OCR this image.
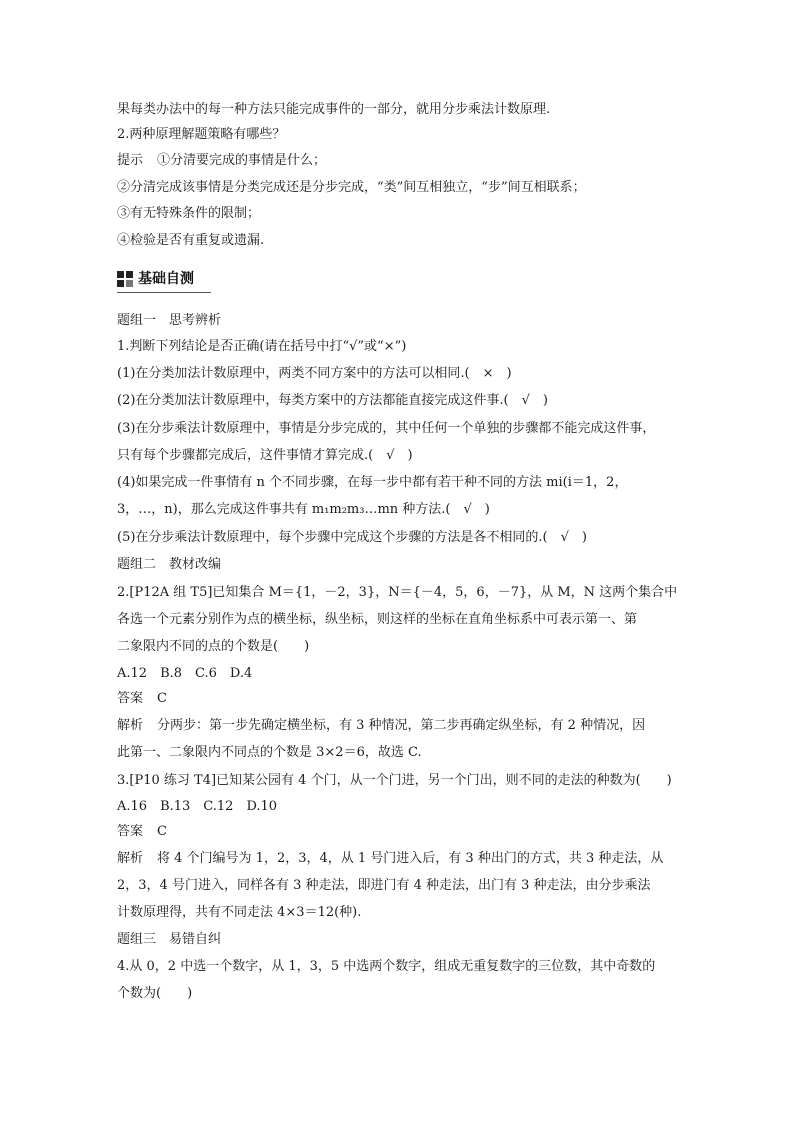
果每类办法中的每一种方法只能完成事件的一部分，就用分步乘法计数原理.
2.两种原理解题策略有哪些？
提示 ①分清要完成的事情是什么；
②分清完成该事情是分类完成还是分步完成，“类”间互相独立，“步”间互相联系；
③有无特殊条件的限制；
④检验是否有重复或遗漏.
基础自测
题组一　思考辨析
1.判断下列结论是否正确(请在括号中打“√”或“×”)
(1)在分类加法计数原理中，两类不同方案中的方法可以相同.(　×　)
(2)在分类加法计数原理中，每类方案中的方法都能直接完成这件事.(　√　)
(3)在分步乘法计数原理中，事情是分步完成的，其中任何一个单独的步骤都不能完成这件事，
只有每个步骤都完成后，这件事情才算完成.(　√　)
(4)如果完成一件事情有 n 个不同步骤，在每一步中都有若干种不同的方法 mi(i＝1，2，
3，…，n)，那么完成这件事共有 m₁m₂m₃…mn 种方法.(　√　)
(5)在分步乘法计数原理中，每个步骤中完成这个步骤的方法是各不相同的.(　√　)
题组二　教材改编
2.[P12A 组 T5]已知集合 M＝{1，－2，3}，N＝{－4，5，6，－7}，从 M，N 这两个集合中
各选一个元素分别作为点的横坐标，纵坐标，则这样的坐标在直角坐标系中可表示第一、第
二象限内不同的点的个数是(　　)
A.12　B.8　C.6　D.4
答案 C
解析 分两步：第一步先确定横坐标，有 3 种情况，第二步再确定纵坐标，有 2 种情况，因
此第一、二象限内不同点的个数是 3×2＝6，故选 C.
3.[P10 练习 T4]已知某公园有 4 个门，从一个门进，另一个门出，则不同的走法的种数为(　　)
A.16　B.13　C.12　D.10
答案 C
解析 将 4 个门编号为 1，2，3，4，从 1 号门进入后，有 3 种出门的方式，共 3 种走法，从
2，3，4 号门进入，同样各有 3 种走法，即进门有 4 种走法，出门有 3 种走法，由分步乘法
计数原理得，共有不同走法 4×3＝12(种).
题组三　易错自纠
4.从 0，2 中选一个数字，从 1，3，5 中选两个数字，组成无重复数字的三位数，其中奇数的
个数为(　　)
